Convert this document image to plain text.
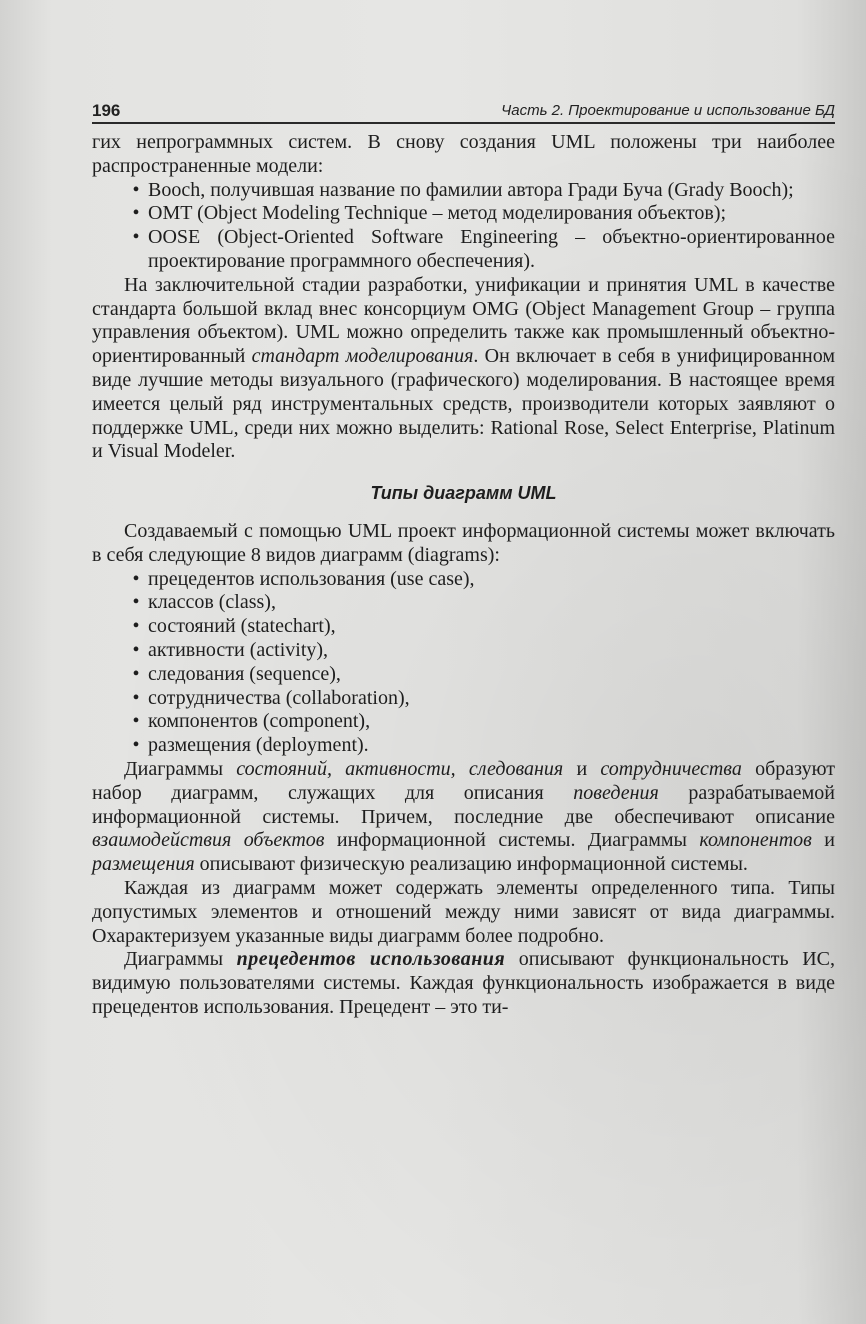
196	Часть 2. Проектирование и использование БД

гих непрограммных систем. В снову создания UML положены три наиболее распространенные модели:

• Booch, получившая название по фамилии автора Гради Буча (Grady Booch);

• OMT (Object Modeling Technique – метод моделирования объектов);

• OOSE (Object-Oriented Software Engineering – объектно-ориентированное проектирование программного обеспечения).

На заключительной стадии разработки, унификации и принятия UML в качестве стандарта большой вклад внес консорциум OMG (Object Management Group – группа управления объектом). UML можно определить также как промышленный объектно-ориентированный стандарт моделирования. Он включает в себя в унифицированном виде лучшие методы визуального (графического) моделирования. В настоящее время имеется целый ряд инструментальных средств, производители которых заявляют о поддержке UML, среди них можно выделить: Rational Rose, Select Enterprise, Platinum и Visual Modeler.

Типы диаграмм UML

Создаваемый с помощью UML проект информационной системы может включать в себя следующие 8 видов диаграмм (diagrams):

• прецедентов использования (use case),

• классов (class),

• состояний (statechart),

• активности (activity),

• следования (sequence),

• сотрудничества (collaboration),

• компонентов (component),

• размещения (deployment).

Диаграммы состояний, активности, следования и сотрудничества образуют набор диаграмм, служащих для описания поведения разрабатываемой информационной системы. Причем, последние две обеспечивают описание взаимодействия объектов информационной системы. Диаграммы компонентов и размещения описывают физическую реализацию информационной системы.

Каждая из диаграмм может содержать элементы определенного типа. Типы допустимых элементов и отношений между ними зависят от вида диаграммы. Охарактеризуем указанные виды диаграмм более подробно.

Диаграммы прецедентов использования описывают функциональность ИС, видимую пользователями системы. Каждая функциональность изображается в виде прецедентов использования. Прецедент – это ти-
